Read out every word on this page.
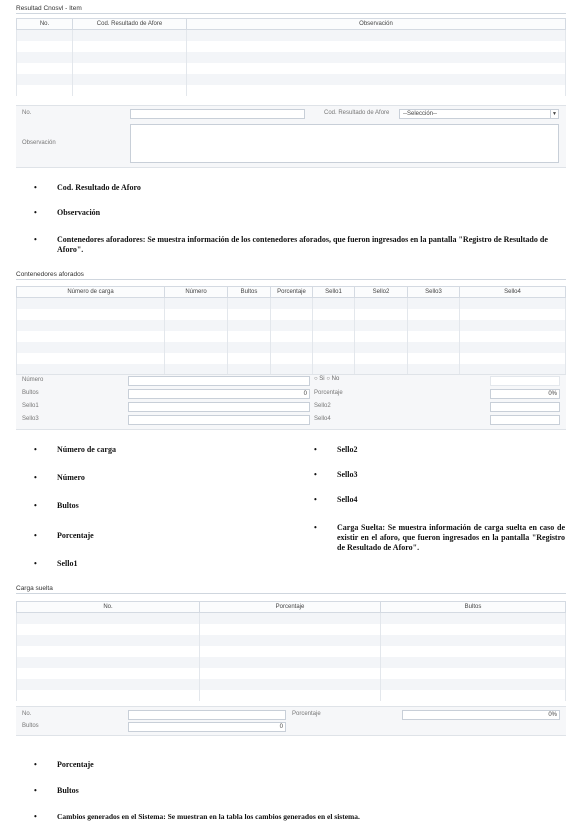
Resultad Cnosvl - Item
No.	Cod. Resultado de Afore	Observación

No.	Cod. Resultado de Afore	--Selección--	▼
Observación
•	Cod. Resultado de Aforo
•	Observación
•	Contenedores aforadores: Se muestra información de los contenedores aforados, que fueron ingresados en la pantalla "Registro de Resultado de Aforo".
Contenedores aforados
Número de carga	Número	Bultos	Porcentaje	Sello1	Sello2	Sello3	Sello4

Número	○ Si ○ No
Bultos	0	Porcentaje	0%
Sello1	Sello2
Sello3	Sello4
•	Número de carga
•	Número
•	Bultos
•	Porcentaje
•	Sello1
•	Sello2
•	Sello3
•	Sello4
•	Carga Suelta: Se muestra información de carga suelta en caso de existir en el aforo, que fueron ingresados en la pantalla "Registro de Resultado de Aforo".
Carga suelta
No.	Porcentaje	Bultos

No.	Porcentaje	0%
Bultos	0
•	Porcentaje
•	Bultos
•	Cambios generados en el Sistema: Se muestran en la tabla los cambios generados en el sistema.
